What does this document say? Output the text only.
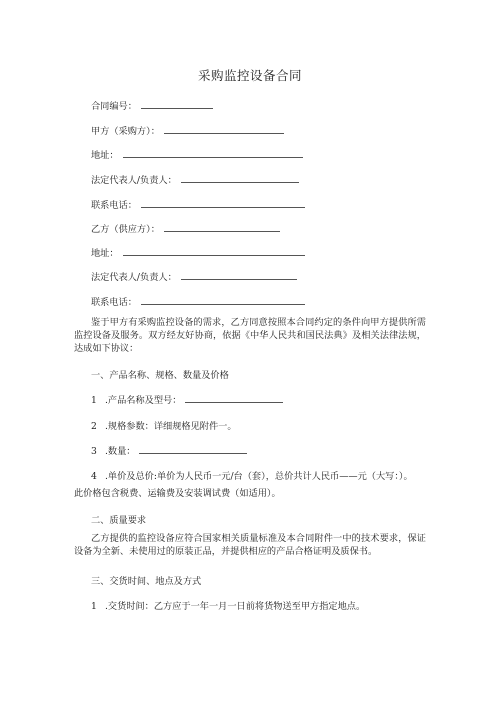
采购监控设备合同
合同编号：
甲方（采购方）：
地址：
法定代表人/负责人：
联系电话：
乙方（供应方）：
地址：
法定代表人/负责人：
联系电话：
鉴于甲方有采购监控设备的需求，乙方同意按照本合同约定的条件向甲方提供所需监控设备及服务。双方经友好协商，依据《中华人民共和国民法典》及相关法律法规，达成如下协议：
一、产品名称、规格、数量及价格
1 .产品名称及型号：
2 .规格参数：详细规格见附件一。
3 .数量：
4 .单价及总价:单价为人民币一元/台（套），总价共计人民币——元（大写：）。
此价格包含税费、运输费及安装调试费（如适用）。
二、质量要求
乙方提供的监控设备应符合国家相关质量标准及本合同附件一中的技术要求，保证设备为全新、未使用过的原装正品，并提供相应的产品合格证明及质保书。
三、交货时间、地点及方式
1 .交货时间：乙方应于一年一月一日前将货物送至甲方指定地点。
